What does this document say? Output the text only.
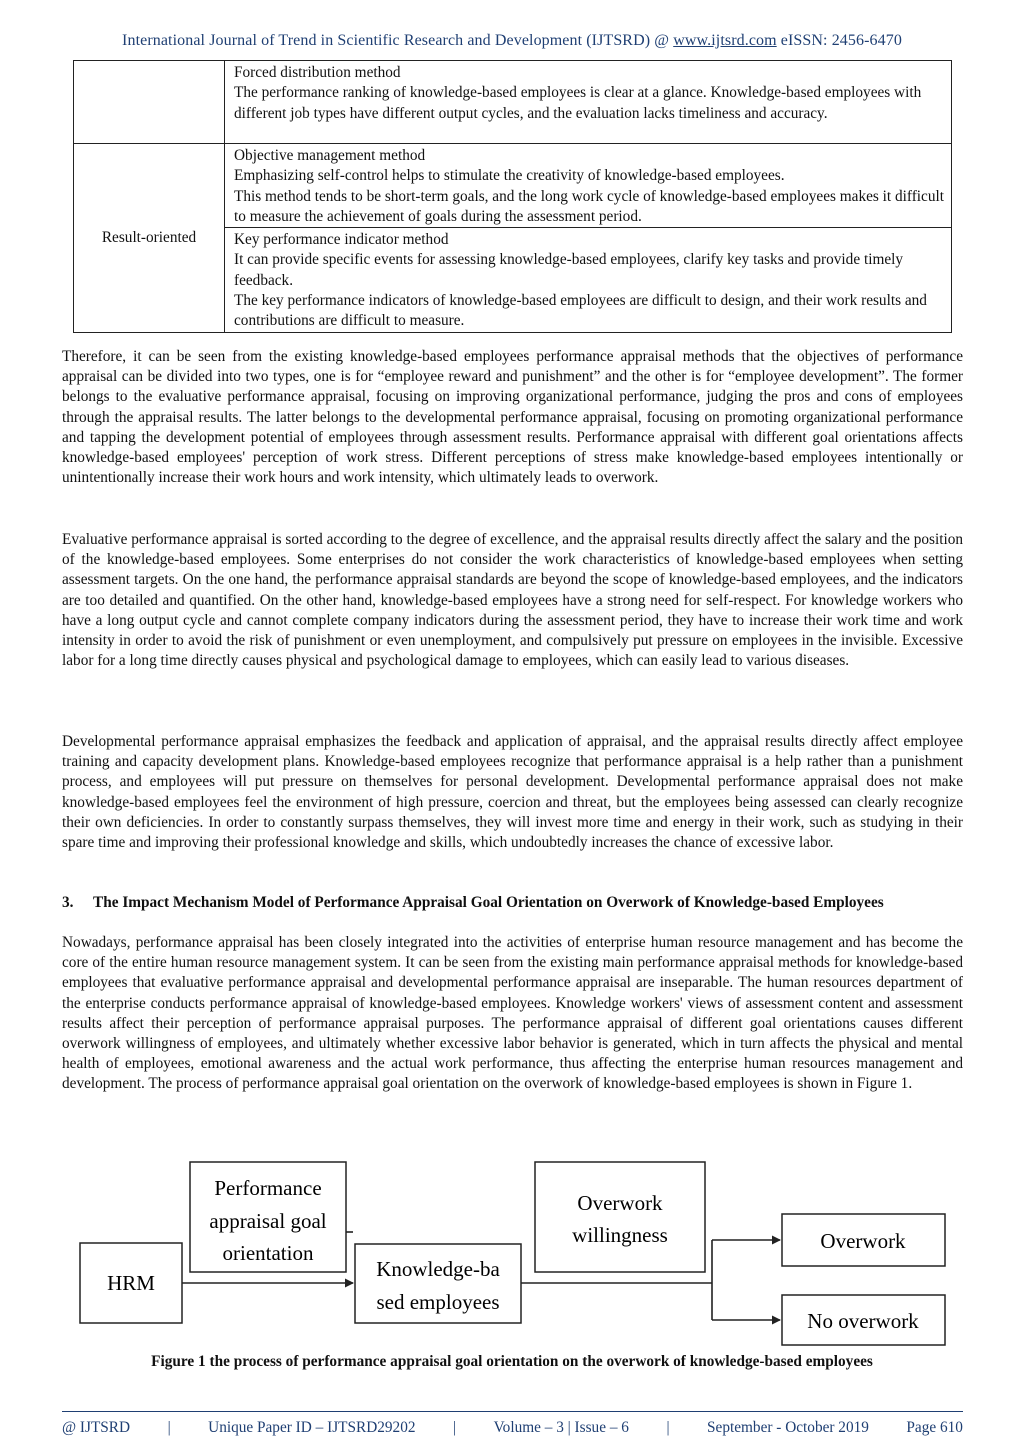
International Journal of Trend in Scientific Research and Development (IJTSRD) @ www.ijtsrd.com eISSN: 2456-6470

	Forced distribution method
The performance ranking of knowledge-based employees is clear at a glance. Knowledge-based employees with different job types have different output cycles, and the evaluation lacks timeliness and accuracy.

Result-oriented	Objective management method
Emphasizing self-control helps to stimulate the creativity of knowledge-based employees.
This method tends to be short-term goals, and the long work cycle of knowledge-based employees makes it difficult to measure the achievement of goals during the assessment period.

	Key performance indicator method
It can provide specific events for assessing knowledge-based employees, clarify key tasks and provide timely feedback.
The key performance indicators of knowledge-based employees are difficult to design, and their work results and contributions are difficult to measure.

Therefore, it can be seen from the existing knowledge-based employees performance appraisal methods that the objectives of performance appraisal can be divided into two types, one is for “employee reward and punishment” and the other is for “employee development”. The former belongs to the evaluative performance appraisal, focusing on improving organizational performance, judging the pros and cons of employees through the appraisal results. The latter belongs to the developmental performance appraisal, focusing on promoting organizational performance and tapping the development potential of employees through assessment results. Performance appraisal with different goal orientations affects knowledge-based employees' perception of work stress. Different perceptions of stress make knowledge-based employees intentionally or unintentionally increase their work hours and work intensity, which ultimately leads to overwork.

Evaluative performance appraisal is sorted according to the degree of excellence, and the appraisal results directly affect the salary and the position of the knowledge-based employees. Some enterprises do not consider the work characteristics of knowledge-based employees when setting assessment targets. On the one hand, the performance appraisal standards are beyond the scope of knowledge-based employees, and the indicators are too detailed and quantified. On the other hand, knowledge-based employees have a strong need for self-respect. For knowledge workers who have a long output cycle and cannot complete company indicators during the assessment period, they have to increase their work time and work intensity in order to avoid the risk of punishment or even unemployment, and compulsively put pressure on employees in the invisible. Excessive labor for a long time directly causes physical and psychological damage to employees, which can easily lead to various diseases.

Developmental performance appraisal emphasizes the feedback and application of appraisal, and the appraisal results directly affect employee training and capacity development plans. Knowledge-based employees recognize that performance appraisal is a help rather than a punishment process, and employees will put pressure on themselves for personal development. Developmental performance appraisal does not make knowledge-based employees feel the environment of high pressure, coercion and threat, but the employees being assessed can clearly recognize their own deficiencies. In order to constantly surpass themselves, they will invest more time and energy in their work, such as studying in their spare time and improving their professional knowledge and skills, which undoubtedly increases the chance of excessive labor.

3.	The Impact Mechanism Model of Performance Appraisal Goal Orientation on Overwork of Knowledge-based Employees

Nowadays, performance appraisal has been closely integrated into the activities of enterprise human resource management and has become the core of the entire human resource management system. It can be seen from the existing main performance appraisal methods for knowledge-based employees that evaluative performance appraisal and developmental performance appraisal are inseparable. The human resources department of the enterprise conducts performance appraisal of knowledge-based employees. Knowledge workers' views of assessment content and assessment results affect their perception of performance appraisal purposes. The performance appraisal of different goal orientations causes different overwork willingness of employees, and ultimately whether excessive labor behavior is generated, which in turn affects the physical and mental health of employees, emotional awareness and the actual work performance, thus affecting the enterprise human resources management and development. The process of performance appraisal goal orientation on the overwork of knowledge-based employees is shown in Figure 1.

HRM
Performance
appraisal goal
orientation
Knowledge-ba
sed employees
Overwork
willingness	Overwork
No overwork
Figure 1 the process of performance appraisal goal orientation on the overwork of knowledge-based employees
@ IJTSRD | Unique Paper ID – IJTSRD29202 | Volume – 3 | Issue – 6 | September - October 2019 Page 610
